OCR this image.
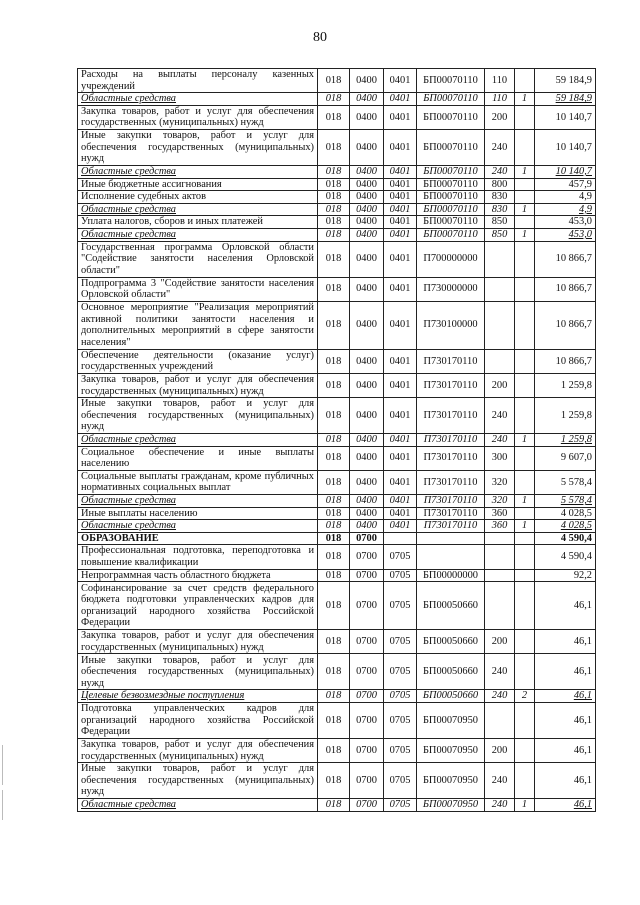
80
Расходы на выплаты персоналу казенных учреждений	018	0400	0401	БП00070110	110		59 184,9
Областные средства	018	0400	0401	БП00070110	110	1	59 184,9
Закупка товаров, работ и услуг для обеспечения государственных (муниципальных) нужд	018	0400	0401	БП00070110	200		10 140,7
Иные закупки товаров, работ и услуг для обеспечения государственных (муниципальных) нужд	018	0400	0401	БП00070110	240		10 140,7
Областные средства	018	0400	0401	БП00070110	240	1	10 140,7
Иные бюджетные ассигнования	018	0400	0401	БП00070110	800		457,9
Исполнение судебных актов	018	0400	0401	БП00070110	830		4,9
Областные средства	018	0400	0401	БП00070110	830	1	4,9
Уплата налогов, сборов и иных платежей	018	0400	0401	БП00070110	850		453,0
Областные средства	018	0400	0401	БП00070110	850	1	453,0
Государственная программа Орловской области "Содействие занятости населения Орловской области"	018	0400	0401	П700000000			10 866,7
Подпрограмма 3 "Содействие занятости населения Орловской области"	018	0400	0401	П730000000			10 866,7
Основное мероприятие "Реализация мероприятий активной политики занятости населения и дополнительных мероприятий в сфере занятости населения"	018	0400	0401	П730100000			10 866,7
Обеспечение деятельности (оказание услуг) государственных учреждений	018	0400	0401	П730170110			10 866,7
Закупка товаров, работ и услуг для обеспечения государственных (муниципальных) нужд	018	0400	0401	П730170110	200		1 259,8
Иные закупки товаров, работ и услуг для обеспечения государственных (муниципальных) нужд	018	0400	0401	П730170110	240		1 259,8
Областные средства	018	0400	0401	П730170110	240	1	1 259,8
Социальное обеспечение и иные выплаты населению	018	0400	0401	П730170110	300		9 607,0
Социальные выплаты гражданам, кроме публичных нормативных социальных выплат	018	0400	0401	П730170110	320		5 578,4
Областные средства	018	0400	0401	П730170110	320	1	5 578,4
Иные выплаты населению	018	0400	0401	П730170110	360		4 028,5
Областные средства	018	0400	0401	П730170110	360	1	4 028,5
ОБРАЗОВАНИЕ	018	0700					4 590,4
Профессиональная подготовка, переподготовка и повышение квалификации	018	0700	0705				4 590,4
Непрограммная часть областного бюджета	018	0700	0705	БП00000000			92,2
Софинансирование за счет средств федерального бюджета подготовки управленческих кадров для организаций народного хозяйства Российской Федерации	018	0700	0705	БП00050660			46,1
Закупка товаров, работ и услуг для обеспечения государственных (муниципальных) нужд	018	0700	0705	БП00050660	200		46,1
Иные закупки товаров, работ и услуг для обеспечения государственных (муниципальных) нужд	018	0700	0705	БП00050660	240		46,1
Целевые безвозмездные поступления	018	0700	0705	БП00050660	240	2	46,1
Подготовка управленческих кадров для организаций народного хозяйства Российской Федерации	018	0700	0705	БП00070950			46,1
Закупка товаров, работ и услуг для обеспечения государственных (муниципальных) нужд	018	0700	0705	БП00070950	200		46,1
Иные закупки товаров, работ и услуг для обеспечения государственных (муниципальных) нужд	018	0700	0705	БП00070950	240		46,1
Областные средства	018	0700	0705	БП00070950	240	1	46,1
